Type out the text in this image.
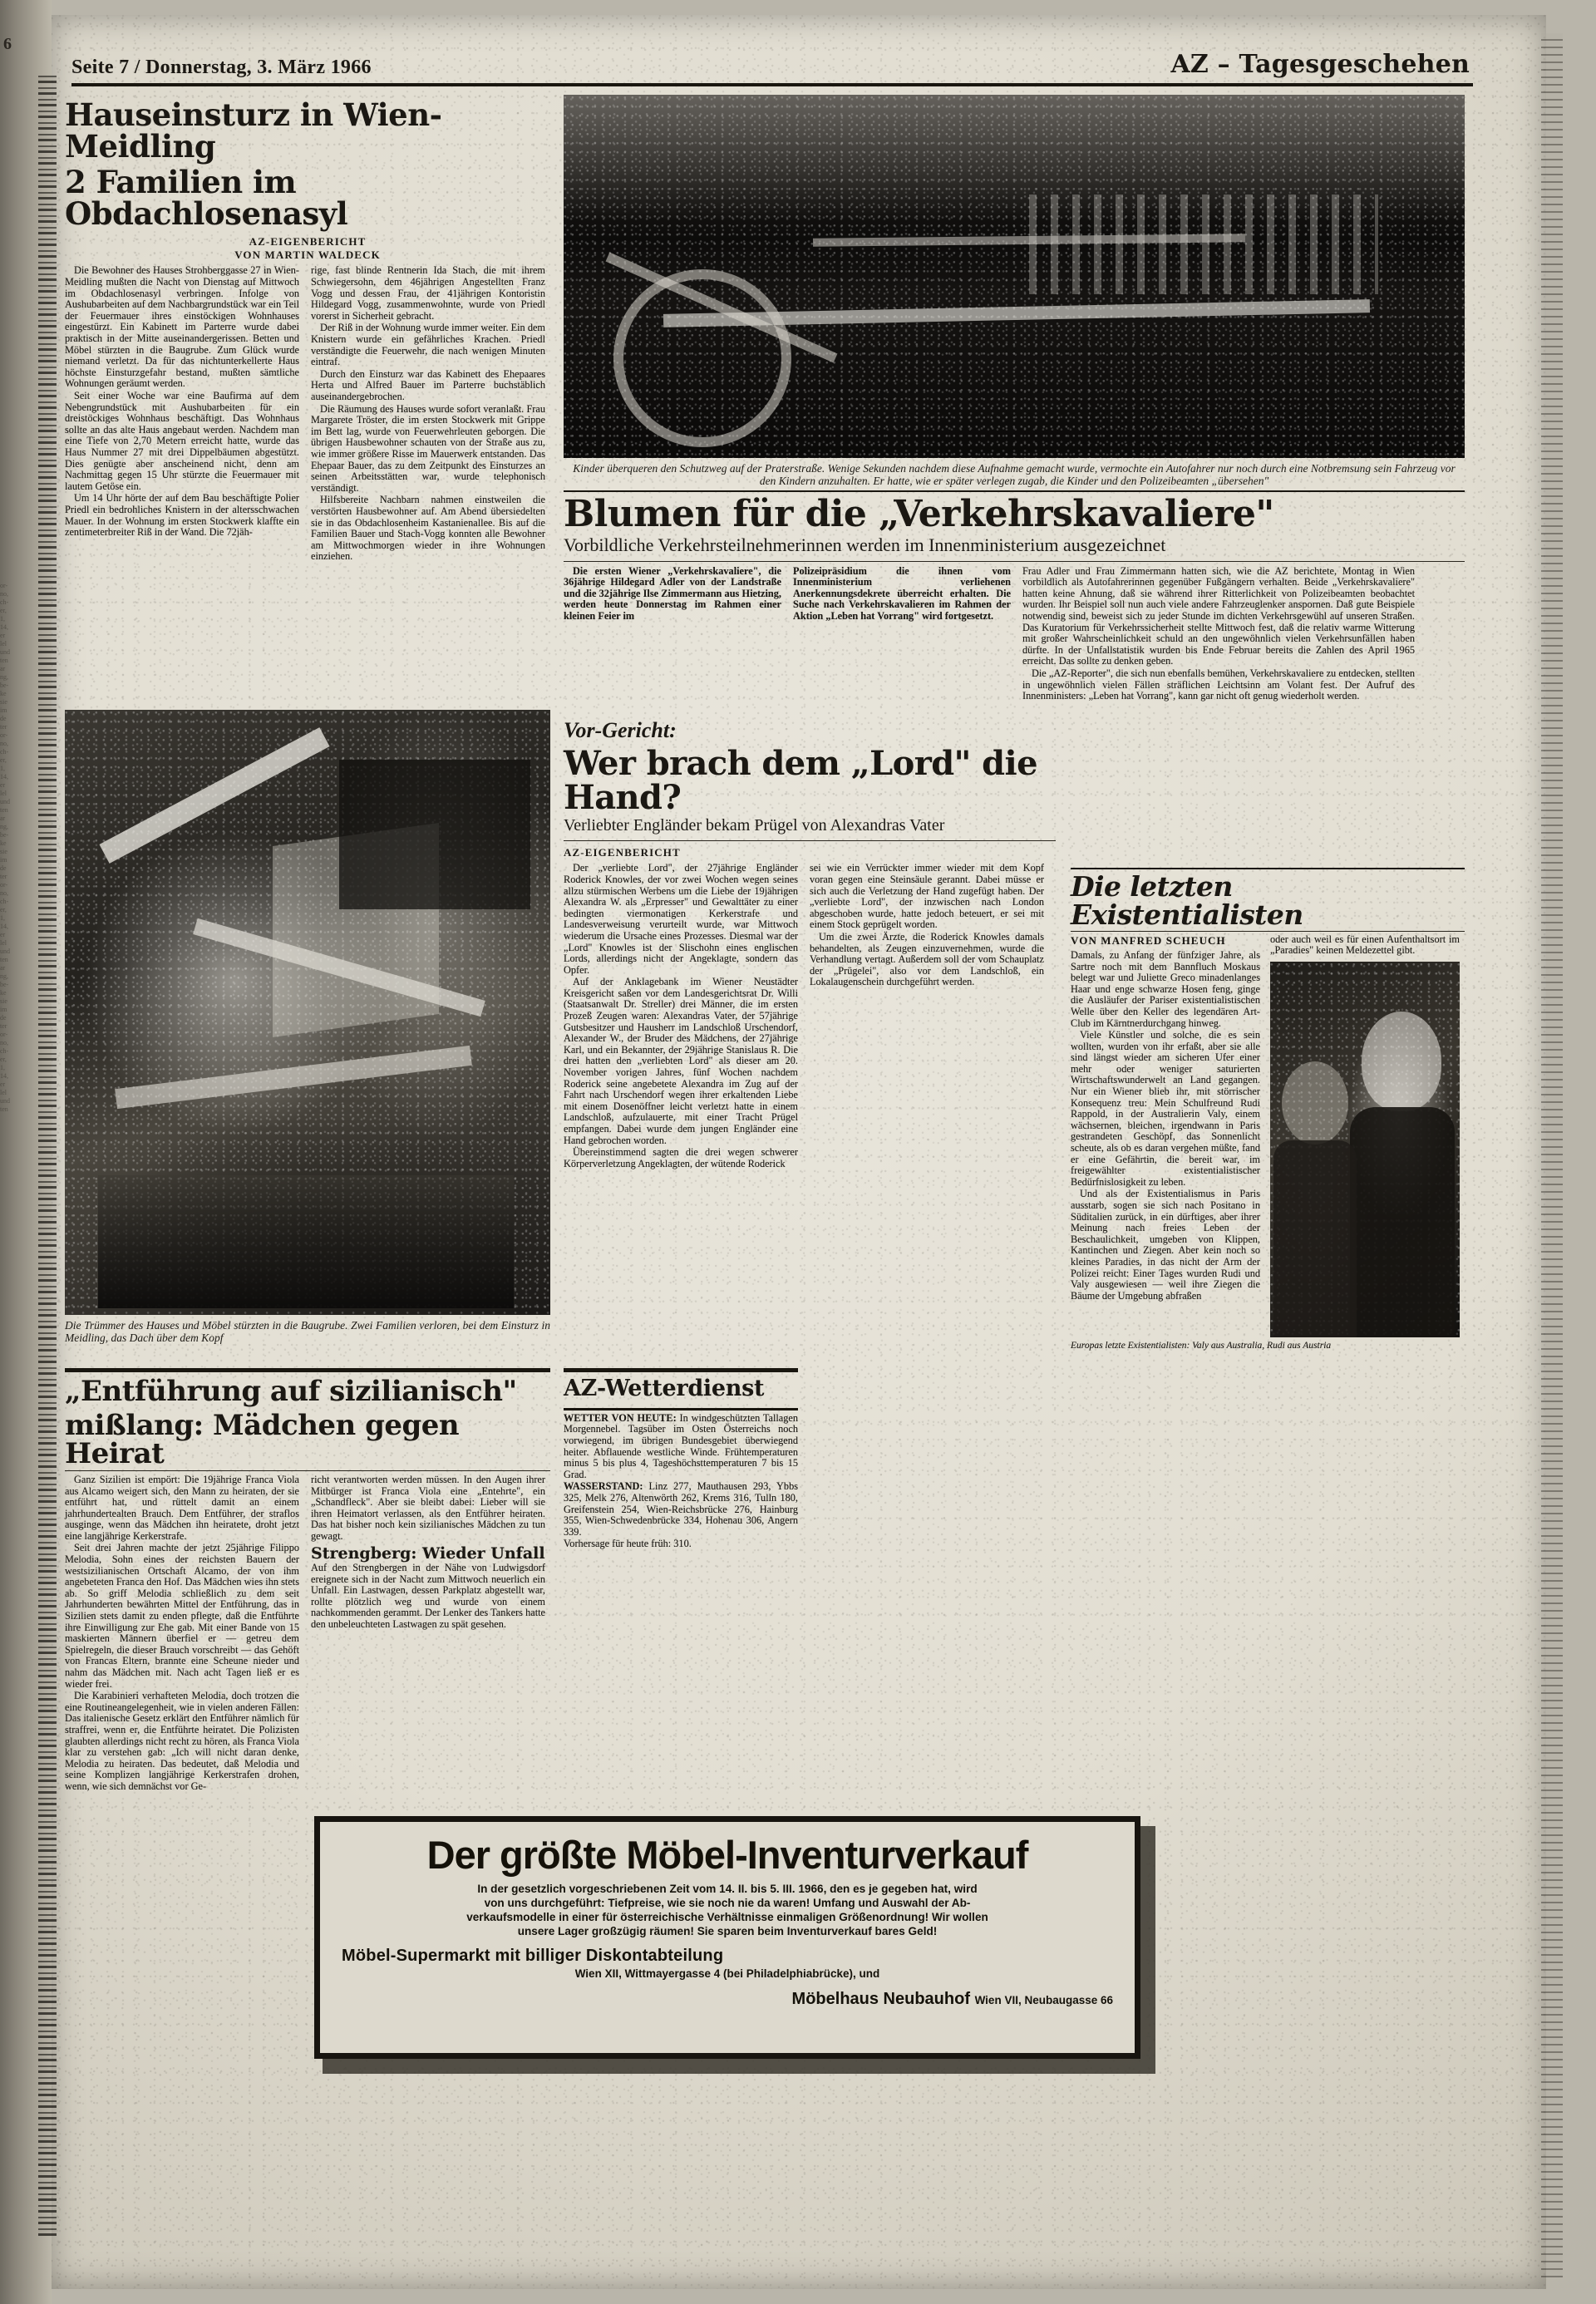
6
or-
no,
ch-
er,
1,
14,
er
lel
und
ten
ar
ng,
be-
ke
sie
im
de
ter
or-
no,
ch-
er,
1,
14,
er
lel
und
ten
ar
ng,
be-
ke
sie
im
de
ter
or-
no,
ch-
er,
1,
14,
er
lel
und
ten
ar
ng,
be-
ke
sie
im
de
ter
or-
no,
ch-
er,
1,
14,
er
lel
und
ten

Seite 7 / Donnerstag, 3. März 1966	AZ – Tagesgeschehen
Hauseinsturz in Wien-Meidling
2 Familien im Obdachlosenasyl
AZ-EIGENBERICHT
VON MARTIN WALDECK

Die Bewohner des Hauses Strohberggasse 27 in Wien-Meidling mußten die Nacht von Dienstag auf Mittwoch im Obdachlosenasyl verbringen. Infolge von Aushubarbeiten auf dem Nachbargrundstück war ein Teil der Feuermauer ihres einstöckigen Wohnhauses eingestürzt. Ein Kabinett im Parterre wurde dabei praktisch in der Mitte auseinandergerissen. Betten und Möbel stürzten in die Baugrube. Zum Glück wurde niemand verletzt. Da für das nichtunterkellerte Haus höchste Einsturzgefahr bestand, mußten sämtliche Wohnungen geräumt werden.

Seit einer Woche war eine Baufirma auf dem Nebengrundstück mit Aushubarbeiten für ein dreistöckiges Wohnhaus beschäftigt. Das Wohnhaus sollte an das alte Haus angebaut werden. Nachdem man eine Tiefe von 2,70 Metern erreicht hatte, wurde das Haus Nummer 27 mit drei Dippelbäumen abgestützt. Dies genügte aber anscheinend nicht, denn am Nachmittag gegen 15 Uhr stürzte die Feuermauer mit lautem Getöse ein.

Um 14 Uhr hörte der auf dem Bau beschäftigte Polier Priedl ein bedrohliches Knistern in der altersschwachen Mauer. In der Wohnung im ersten Stockwerk klaffte ein zentimeterbreiter Riß in der Wand. Die 72jäh-

rige, fast blinde Rentnerin Ida Stach, die mit ihrem Schwiegersohn, dem 46jährigen Angestellten Franz Vogg und dessen Frau, der 41jährigen Kontoristin Hildegard Vogg, zusammenwohnte, wurde von Priedl vorerst in Sicherheit gebracht.

Der Riß in der Wohnung wurde immer weiter. Ein dem Knistern wurde ein gefährliches Krachen. Priedl verständigte die Feuerwehr, die nach wenigen Minuten eintraf.

Durch den Einsturz war das Kabinett des Ehepaares Herta und Alfred Bauer im Parterre buchstäblich auseinandergebrochen.

Die Räumung des Hauses wurde sofort veranlaßt. Frau Margarete Tröster, die im ersten Stockwerk mit Grippe im Bett lag, wurde von Feuerwehrleuten geborgen. Die übrigen Hausbewohner schauten von der Straße aus zu, wie immer größere Risse im Mauerwerk entstanden. Das Ehepaar Bauer, das zu dem Zeitpunkt des Einsturzes an seinen Arbeitsstätten war, wurde telephonisch verständigt.

Hilfsbereite Nachbarn nahmen einstweilen die verstörten Hausbewohner auf. Am Abend übersiedelten sie in das Obdachlosenheim Kastanienallee. Bis auf die Familien Bauer und Stach-Vogg konnten alle Bewohner am Mittwochmorgen wieder in ihre Wohnungen einziehen.

Kinder überqueren den Schutzweg auf der Praterstraße. Wenige Sekunden nachdem diese Aufnahme gemacht wurde, vermochte ein Autofahrer nur noch durch eine Notbremsung sein Fahrzeug vor den Kindern anzuhalten. Er hatte, wie er später verlegen zugab, die Kinder und den Polizeibeamten „übersehen"
Blumen für die „Verkehrskavaliere"
Vorbildliche Verkehrsteilnehmerinnen werden im Innenministerium ausgezeichnet

Die ersten Wiener „Verkehrskavaliere", die 36jährige Hildegard Adler von der Landstraße und die 32jährige Ilse Zimmermann aus Hietzing, werden heute Donnerstag im Rahmen einer kleinen Feier im

Polizeipräsidium die ihnen vom Innenministerium verliehenen Anerkennungsdekrete überreicht erhalten. Die Suche nach Verkehrskavalieren im Rahmen der Aktion „Leben hat Vorrang" wird fortgesetzt.

Frau Adler und Frau Zimmermann hatten sich, wie die AZ berichtete, Montag in Wien vorbildlich als Autofahrerinnen gegenüber Fußgängern verhalten. Beide „Verkehrskavaliere" hatten keine Ahnung, daß sie während ihrer Ritterlichkeit von Polizeibeamten beobachtet wurden. Ihr Beispiel soll nun auch viele andere Fahrzeuglenker anspornen. Daß gute Beispiele notwendig sind, beweist sich zu jeder Stunde im dichten Verkehrsgewühl auf unseren Straßen. Das Kuratorium für Verkehrssicherheit stellte Mittwoch fest, daß die relativ warme Witterung mit großer Wahrscheinlichkeit schuld an den ungewöhnlich vielen Verkehrsunfällen haben dürfte. In der Unfallstatistik wurden bis Ende Februar bereits die Zahlen des April 1965 erreicht. Das sollte zu denken geben.

Die „AZ-Reporter", die sich nun ebenfalls bemühen, Verkehrskavaliere zu entdecken, stellten in ungewöhnlich vielen Fällen sträflichen Leichtsinn am Volant fest. Der Aufruf des Innenministers: „Leben hat Vorrang", kann gar nicht oft genug wiederholt werden.

Die Trümmer des Hauses und Möbel stürzten in die Baugrube. Zwei Familien verloren, bei dem Einsturz in Meidling, das Dach über dem Kopf
Vor-Gericht:
Wer brach dem „Lord" die Hand?
Verliebter Engländer bekam Prügel von Alexandras Vater
AZ-EIGENBERICHT

Der „verliebte Lord", der 27jährige Engländer Roderick Knowles, der vor zwei Wochen wegen seines allzu stürmischen Werbens um die Liebe der 19jährigen Alexandra W. als „Erpresser" und Gewalttäter zu einer bedingten viermonatigen Kerkerstrafe und Landesverweisung verurteilt wurde, war Mittwoch wiederum die Ursache eines Prozesses. Diesmal war der „Lord" Knowles ist der Slischohn eines englischen Lords, allerdings nicht der Angeklagte, sondern das Opfer.

Auf der Anklagebank im Wiener Neustädter Kreisgericht saßen vor dem Landesgerichtsrat Dr. Willi (Staatsanwalt Dr. Streller) drei Männer, die im ersten Prozeß Zeugen waren: Alexandras Vater, der 57jährige Gutsbesitzer und Hausherr im Landschloß Urschendorf, Alexander W., der Bruder des Mädchens, der 27jährige Karl, und ein Bekannter, der 29jährige Stanislaus R. Die drei hatten den „verliebten Lord" als dieser am 20. November vorigen Jahres, fünf Wochen nachdem Roderick seine angebetete Alexandra im Zug auf der Fahrt nach Urschendorf wegen ihrer erkaltenden Liebe mit einem Dosenöffner leicht verletzt hatte in einem Landschloß, aufzulauerte, mit einer Tracht Prügel empfangen. Dabei wurde dem jungen Engländer eine Hand gebrochen worden.

Übereinstimmend sagten die drei wegen schwerer Körperverletzung Angeklagten, der wütende Roderick

sei wie ein Verrückter immer wieder mit dem Kopf voran gegen eine Steinsäule gerannt. Dabei müsse er sich auch die Verletzung der Hand zugefügt haben. Der „verliebte Lord", der inzwischen nach London abgeschoben wurde, hatte jedoch beteuert, er sei mit einem Stock geprügelt worden.

Um die zwei Ärzte, die Roderick Knowles damals behandelten, als Zeugen einzuvernehmen, wurde die Verhandlung vertagt. Außerdem soll der vom Schauplatz der „Prügelei", also vor dem Landschloß, ein Lokalaugenschein durchgeführt werden.

Die letzten Existentialisten
VON MANFRED SCHEUCH

Damals, zu Anfang der fünfziger Jahre, als Sartre noch mit dem Bannfluch Moskaus belegt war und Juliette Greco minadenlanges Haar und enge schwarze Hosen feng, ginge die Ausläufer der Pariser existentialistischen Welle über den Keller des legendären Art-Club im Kärntnerdurchgang hinweg.

Viele Künstler und solche, die es sein wollten, wurden von ihr erfaßt, aber sie alle sind längst wieder am sicheren Ufer einer mehr oder weniger saturierten Wirtschaftswunderwelt an Land gegangen. Nur ein Wiener blieb ihr, mit störrischer Konsequenz treu: Mein Schulfreund Rudi Rappold, in der Australierin Valy, einem wächsernen, bleichen, irgendwann in Paris gestrandeten Geschöpf, das Sonnenlicht scheute, als ob es daran vergehen müßte, fand er eine Gefährtin, die bereit war, im freigewählter existentialistischer Bedürfnislosigkeit zu leben.

Und als der Existentialismus in Paris ausstarb, sogen sie sich nach Positano in Süditalien zurück, in ein dürftiges, aber ihrer Meinung nach freies Leben der Beschaulichkeit, umgeben von Klippen, Kantinchen und Ziegen. Aber kein noch so kleines Paradies, in das nicht der Arm der Polizei reicht: Einer Tages wurden Rudi und Valy ausgewiesen — weil ihre Ziegen die Bäume der Umgebung abfraßen

oder auch weil es für einen Aufenthaltsort im „Paradies" keinen Meldezettel gibt.

Europas letzte Existentialisten: Valy aus Australia, Rudi aus Austria
„Entführung auf sizilianisch"
mißlang: Mädchen gegen Heirat

Ganz Sizilien ist empört: Die 19jährige Franca Viola aus Alcamo weigert sich, den Mann zu heiraten, der sie entführt hat, und rüttelt damit an einem jahrhundertealten Brauch. Dem Entführer, der straflos ausginge, wenn das Mädchen ihn heiratete, droht jetzt eine langjährige Kerkerstrafe.

Seit drei Jahren machte der jetzt 25jährige Filippo Melodia, Sohn eines der reichsten Bauern der westsizilianischen Ortschaft Alcamo, der von ihm angebeteten Franca den Hof. Das Mädchen wies ihn stets ab. So griff Melodia schließlich zu dem seit Jahrhunderten bewährten Mittel der Entführung, das in Sizilien stets damit zu enden pflegte, daß die Entführte ihre Einwilligung zur Ehe gab. Mit einer Bande von 15 maskierten Männern überfiel er — getreu dem Spielregeln, die dieser Brauch vorschreibt — das Gehöft von Francas Eltern, brannte eine Scheune nieder und nahm das Mädchen mit. Nach acht Tagen ließ er es wieder frei.

Die Karabinieri verhafteten Melodia, doch trotzen die eine Routineangelegenheit, wie in vielen anderen Fällen: Das italienische Gesetz erklärt den Entführer nämlich für straffrei, wenn er, die Entführte heiratet. Die Polizisten glaubten allerdings nicht recht zu hören, als Franca Viola klar zu verstehen gab: „Ich will nicht daran denke, Melodia zu heiraten. Das bedeutet, daß Melodia und seine Komplizen langjährige Kerkerstrafen drohen, wenn, wie sich demnächst vor Ge-

richt verantworten werden müssen. In den Augen ihrer Mitbürger ist Franca Viola eine „Entehrte", ein „Schandfleck". Aber sie bleibt dabei: Lieber will sie ihren Heimatort verlassen, als den Entführer heiraten. Das hat bisher noch kein sizilianisches Mädchen zu tun gewagt.

Strengberg: Wieder Unfall

Auf den Strengbergen in der Nähe von Ludwigsdorf ereignete sich in der Nacht zum Mittwoch neuerlich ein Unfall. Ein Lastwagen, dessen Parkplatz abgestellt war, rollte plötzlich weg und wurde von einem nachkommenden gerammt. Der Lenker des Tankers hatte den unbeleuchteten Lastwagen zu spät gesehen.

AZ-Wetterdienst

WETTER VON HEUTE: In windgeschützten Tallagen Morgennebel. Tagsüber im Osten Österreichs noch vorwiegend, im übrigen Bundesgebiet überwiegend heiter. Abflauende westliche Winde. Frühtemperaturen minus 5 bis plus 4, Tageshöchsttemperaturen 7 bis 15 Grad.

WASSERSTAND: Linz 277, Mauthausen 293, Ybbs 325, Melk 276, Altenwörth 262, Krems 316, Tulln 180, Greifenstein 254, Wien-Reichsbrücke 276, Hainburg 355, Wien-Schwedenbrücke 334, Hohenau 306, Angern 339.

Vorhersage für heute früh: 310.

Der größte Möbel-Inventurverkauf
In der gesetzlich vorgeschriebenen Zeit vom 14. II. bis 5. III. 1966, den es je gegeben hat, wird
von uns durchgeführt: Tiefpreise, wie sie noch nie da waren! Umfang und Auswahl der Ab-
verkaufsmodelle in einer für österreichische Verhältnisse einmaligen Größenordnung! Wir wollen
unsere Lager großzügig räumen! Sie sparen beim Inventurverkauf bares Geld!
Möbel-Supermarkt mit billiger Diskontabteilung
Wien XII, Wittmayergasse 4 (bei Philadelphiabrücke), und
Möbelhaus Neubauhof Wien VII, Neubaugasse 66
